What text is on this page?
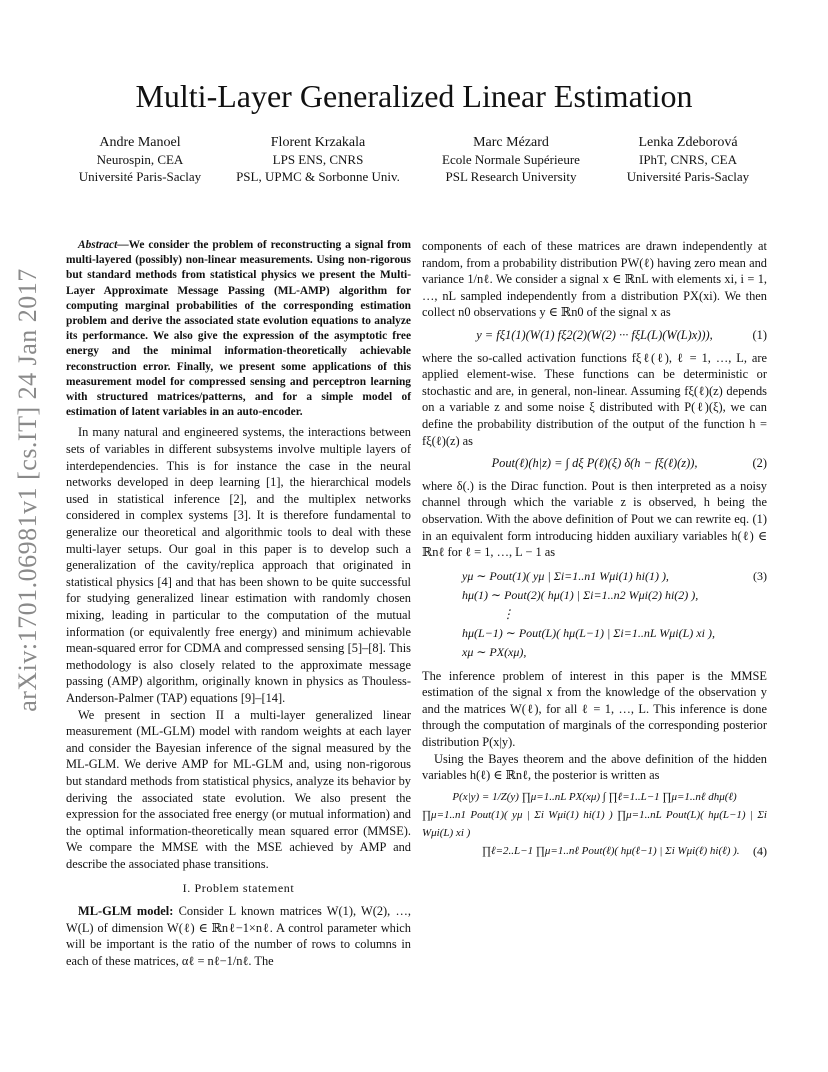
arXiv:1701.06981v1 [cs.IT] 24 Jan 2017
Multi-Layer Generalized Linear Estimation
Andre Manoel
Neurospin, CEA
Université Paris-Saclay
Florent Krzakala
LPS ENS, CNRS
PSL, UPMC & Sorbonne Univ.
Marc Mézard
Ecole Normale Supérieure
PSL Research University
Lenka Zdeborová
IPhT, CNRS, CEA
Université Paris-Saclay

Abstract—We consider the problem of reconstructing a signal from multi-layered (possibly) non-linear measurements. Using non-rigorous but standard methods from statistical physics we present the Multi-Layer Approximate Message Passing (ML-AMP) algorithm for computing marginal probabilities of the corresponding estimation problem and derive the associated state evolution equations to analyze its performance. We also give the expression of the asymptotic free energy and the minimal information-theoretically achievable reconstruction error. Finally, we present some applications of this measurement model for compressed sensing and perceptron learning with structured matrices/patterns, and for a simple model of estimation of latent variables in an auto-encoder.

In many natural and engineered systems, the interactions between sets of variables in different subsystems involve multiple layers of interdependencies. This is for instance the case in the neural networks developed in deep learning [1], the hierarchical models used in statistical inference [2], and the multiplex networks considered in complex systems [3]. It is therefore fundamental to generalize our theoretical and algorithmic tools to deal with these multi-layer setups. Our goal in this paper is to develop such a generalization of the cavity/replica approach that originated in statistical physics [4] and that has been shown to be quite successful for studying generalized linear estimation with randomly chosen mixing, leading in particular to the computation of the mutual information (or equivalently free energy) and minimum achievable mean-squared error for CDMA and compressed sensing [5]–[8]. This methodology is also closely related to the approximate message passing (AMP) algorithm, originally known in physics as Thouless-Anderson-Palmer (TAP) equations [9]–[14].

We present in section II a multi-layer generalized linear measurement (ML-GLM) model with random weights at each layer and consider the Bayesian inference of the signal measured by the ML-GLM. We derive AMP for ML-GLM and, using non-rigorous but standard methods from statistical physics, analyze its behavior by deriving the associated state evolution. We also present the expression for the associated free energy (or mutual information) and the optimal information-theoretically mean squared error (MMSE). We compare the MMSE with the MSE achieved by AMP and describe the associated phase transitions.

I. Problem statement

ML-GLM model: Consider L known matrices W(1), W(2), …, W(L) of dimension W(ℓ) ∈ ℝnℓ−1×nℓ. A control parameter which will be important is the ratio of the number of rows to columns in each of these matrices, αℓ = nℓ−1/nℓ. The

components of each of these matrices are drawn independently at random, from a probability distribution PW(ℓ) having zero mean and variance 1/nℓ. We consider a signal x ∈ ℝnL with elements xi, i = 1, …, nL sampled independently from a distribution PX(xi). We then collect n0 observations y ∈ ℝn0 of the signal x as

y = fξ1(1)(W(1) fξ2(2)(W(2) ··· fξL(L)(W(L)x))),	(1)

where the so-called activation functions fξℓ(ℓ), ℓ = 1, …, L, are applied element-wise. These functions can be deterministic or stochastic and are, in general, non-linear. Assuming fξ(ℓ)(z) depends on a variable z and some noise ξ distributed with P(ℓ)(ξ), we can define the probability distribution of the output of the function h = fξ(ℓ)(z) as

Pout(ℓ)(h|z) = ∫ dξ P(ℓ)(ξ) δ(h − fξ(ℓ)(z)),	(2)

where δ(.) is the Dirac function. Pout is then interpreted as a noisy channel through which the variable z is observed, h being the observation. With the above definition of Pout we can rewrite eq. (1) in an equivalent form introducing hidden auxiliary variables h(ℓ) ∈ ℝnℓ for ℓ = 1, …, L − 1 as

yμ ∼ Pout(1)( yμ | Σi=1..n1 Wμi(1) hi(1) ),
hμ(1) ∼ Pout(2)( hμ(1) | Σi=1..n2 Wμi(2) hi(2) ),
⋮
hμ(L−1) ∼ Pout(L)( hμ(L−1) | Σi=1..nL Wμi(L) xi ),
xμ ∼ PX(xμ),
(3)

The inference problem of interest in this paper is the MMSE estimation of the signal x from the knowledge of the observation y and the matrices W(ℓ), for all ℓ = 1, …, L. This inference is done through the computation of marginals of the corresponding posterior distribution P(x|y).

Using the Bayes theorem and the above definition of the hidden variables h(ℓ) ∈ ℝnℓ, the posterior is written as

P(x|y) = 1/Z(y) ∏μ=1..nL PX(xμ) ∫ ∏ℓ=1..L−1 ∏μ=1..nℓ dhμ(ℓ)
∏μ=1..n1 Pout(1)( yμ | Σi Wμi(1) hi(1) ) ∏μ=1..nL Pout(L)( hμ(L−1) | Σi Wμi(L) xi )
∏ℓ=2..L−1 ∏μ=1..nℓ Pout(ℓ)( hμ(ℓ−1) | Σi Wμi(ℓ) hi(ℓ) ).	(4)
